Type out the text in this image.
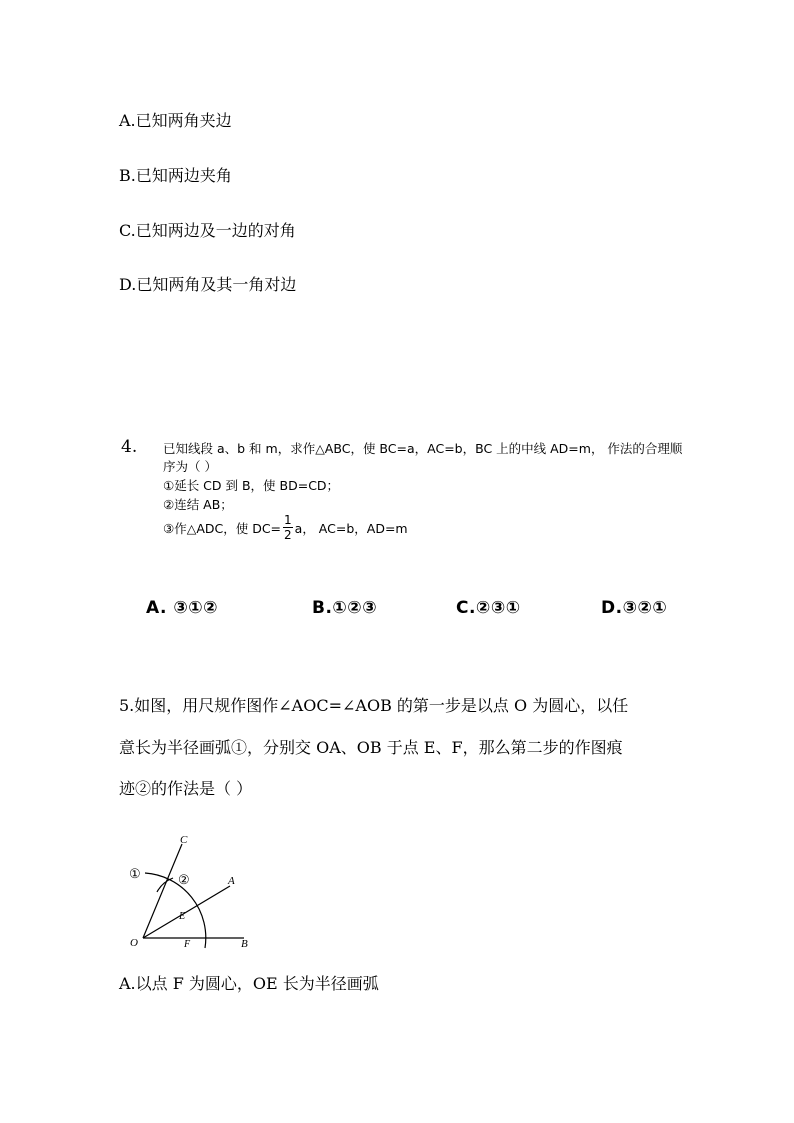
A.已知两角夹边
B.已知两边夹角
C.已知两边及一边的对角
D.已知两角及其一角对边
4. 已知线段 a、b 和 m，求作△ABC，使 BC=a，AC=b，BC 上的中线 AD=m， 作法的合理顺
序为（ ）
①延长 CD 到 B，使 BD=CD；
②连结 AB；
③作△ADC，使 $DC= \frac{1}{2}$ a， AC=b，AD=m
A. ③①②	B.①②③	C.②③①	D.③②①
5.如图，用尺规作图作∠AOC=∠AOB 的第一步是以点 O 为圆心，以任
意长为半径画弧①，分别交 OA、OB 于点 E、F，那么第二步的作图痕
迹②的作法是（ ）
C
A
E
O	F	B
①	②
A.以点 F 为圆心，OE 长为半径画弧
